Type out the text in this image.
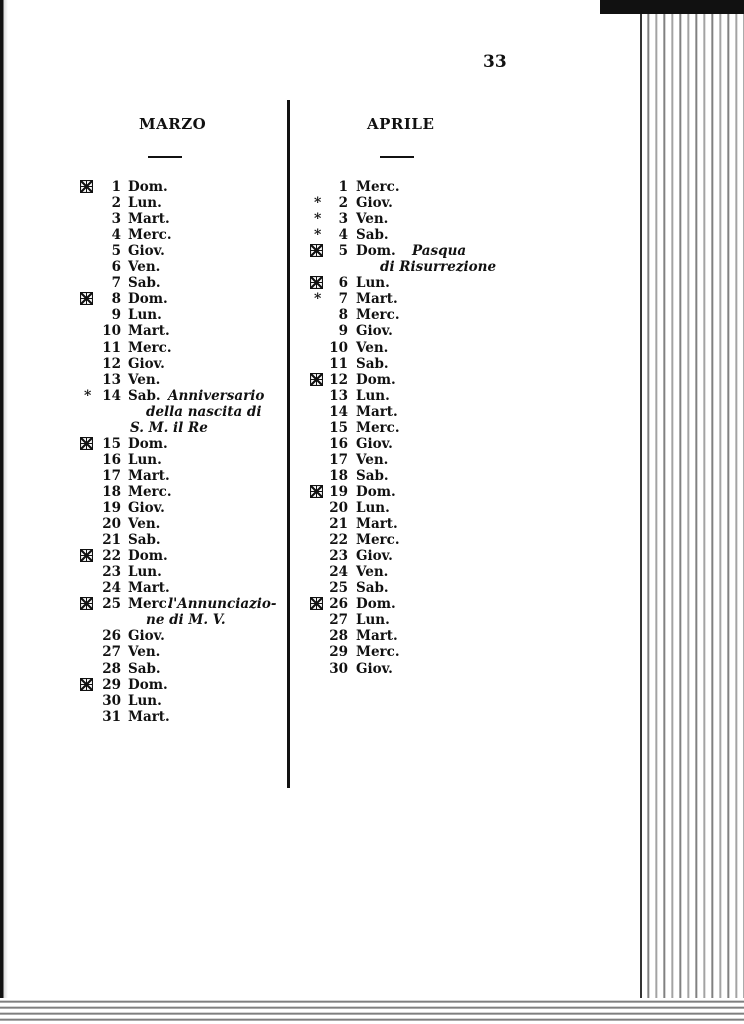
33
MARZO	APRILE
1 Dom.
2 Lun.
3 Mart.
4 Merc.
5 Giov.
6 Ven.
7 Sab.
8 Dom.
9 Lun.
10 Mart.
11 Merc.
12 Giov.
13 Ven.
* 14 Sab. Anniversario
della nascita di
S. M. il Re
15 Dom.
16 Lun.
17 Mart.
18 Merc.
19 Giov.
20 Ven.
21 Sab.
22 Dom.
23 Lun.
24 Mart.
25 Merc.
l'Annunciazio-
ne di M. V.
26 Giov.
27 Ven.
28 Sab.
29 Dom.
30 Lun.
31 Mart.
1 Merc.
*	2 Giov.
*	3 Ven.
*	4 Sab.
5 Dom. Pasqua
di Risurrezione
6 Lun.
*	7 Mart.
8 Merc.
9 Giov.
10 Ven.
11 Sab.
12 Dom.
13 Lun.
14 Mart.
15 Merc.
16 Giov.
17 Ven.
18 Sab.
19 Dom.
20 Lun.
21 Mart.
22 Merc.
23 Giov.
24 Ven.
25 Sab.
26 Dom.
27 Lun.
28 Mart.
29 Merc.
30 Giov.
